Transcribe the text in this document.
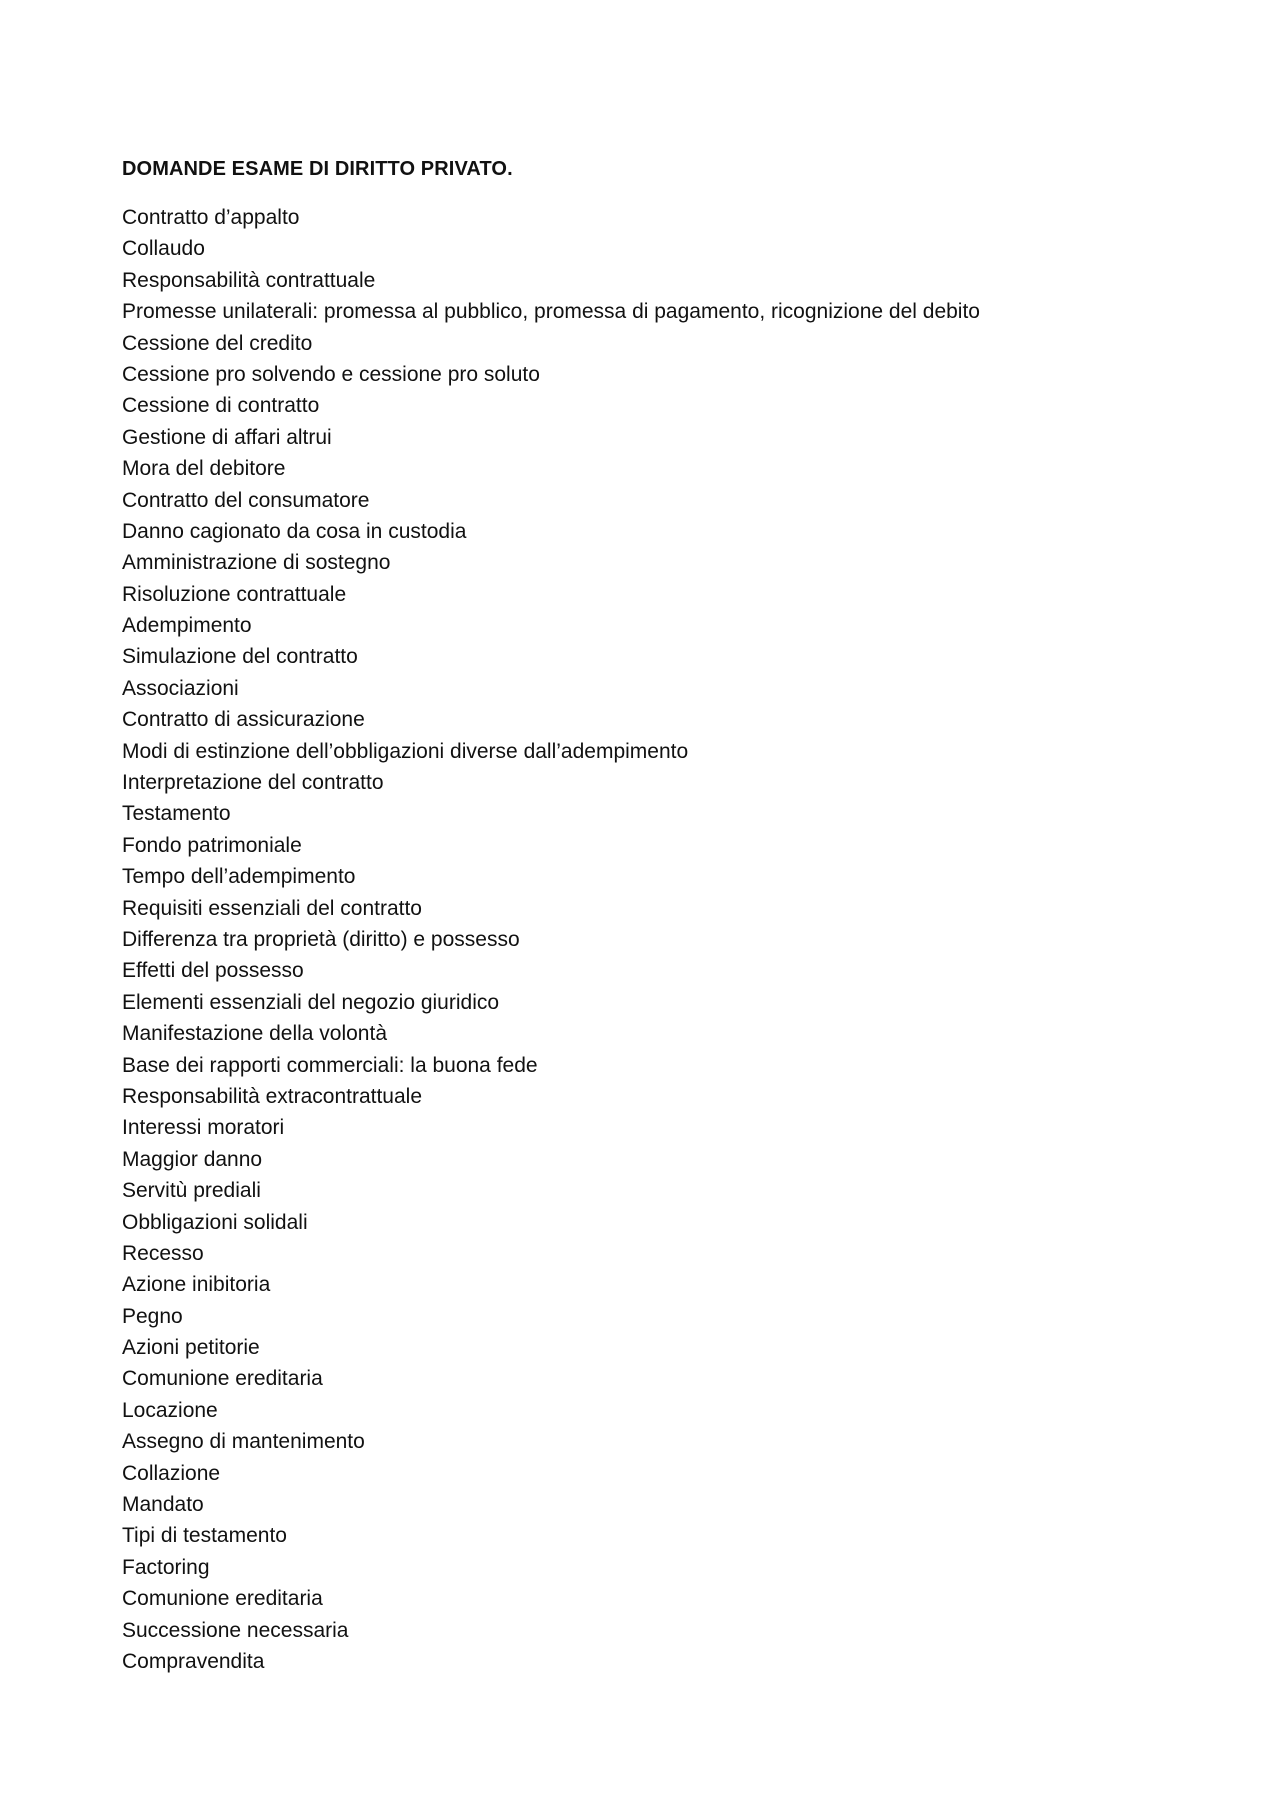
DOMANDE ESAME DI DIRITTO PRIVATO.
Contratto d’appalto
Collaudo
Responsabilità contrattuale
Promesse unilaterali: promessa al pubblico, promessa di pagamento, ricognizione del debito
Cessione del credito
Cessione pro solvendo e cessione pro soluto
Cessione di contratto
Gestione di affari altrui
Mora del debitore
Contratto del consumatore
Danno cagionato da cosa in custodia
Amministrazione di sostegno
Risoluzione contrattuale
Adempimento
Simulazione del contratto
Associazioni
Contratto di assicurazione
Modi di estinzione dell’obbligazioni diverse dall’adempimento
Interpretazione del contratto
Testamento
Fondo patrimoniale
Tempo dell’adempimento
Requisiti essenziali del contratto
Differenza tra proprietà (diritto) e possesso
Effetti del possesso
Elementi essenziali del negozio giuridico
Manifestazione della volontà
Base dei rapporti commerciali: la buona fede
Responsabilità extracontrattuale
Interessi moratori
Maggior danno
Servitù prediali
Obbligazioni solidali
Recesso
Azione inibitoria
Pegno
Azioni petitorie
Comunione ereditaria
Locazione
Assegno di mantenimento
Collazione
Mandato
Tipi di testamento
Factoring
Comunione ereditaria
Successione necessaria
Compravendita
